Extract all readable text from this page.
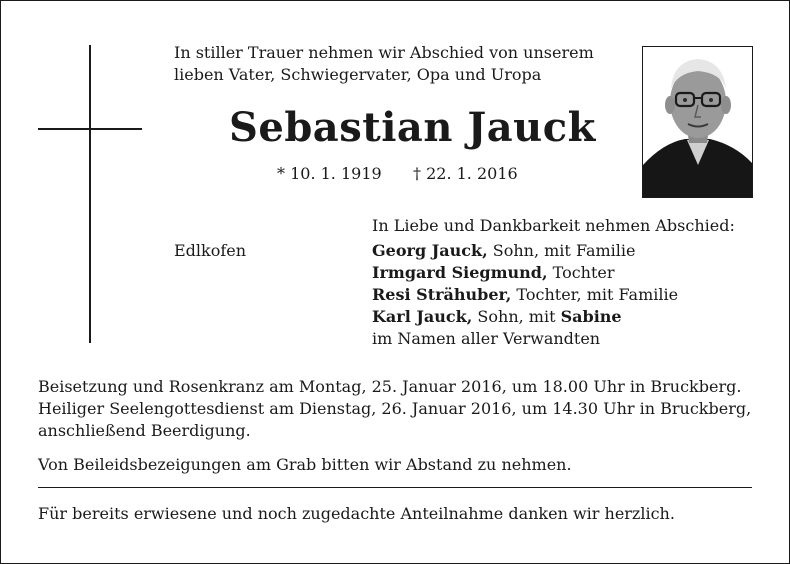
In stiller Trauer nehmen wir Abschied von unserem
lieben Vater, Schwiegervater, Opa und Uropa
Sebastian Jauck
* 10. 1. 1919 † 22. 1. 2016
In Liebe und Dankbarkeit nehmen Abschied:
Edlkofen	Georg Jauck, Sohn, mit Familie
Irmgard Siegmund, Tochter
Resi Strähuber, Tochter, mit Familie
Karl Jauck, Sohn, mit Sabine
im Namen aller Verwandten
Beisetzung und Rosenkranz am Montag, 25. Januar 2016, um 18.00 Uhr in Bruckberg.
Heiliger Seelengottesdienst am Dienstag, 26. Januar 2016, um 14.30 Uhr in Bruckberg,
anschließend Beerdigung.
Von Beileidsbezeigungen am Grab bitten wir Abstand zu nehmen.
Für bereits erwiesene und noch zugedachte Anteilnahme danken wir herzlich.
